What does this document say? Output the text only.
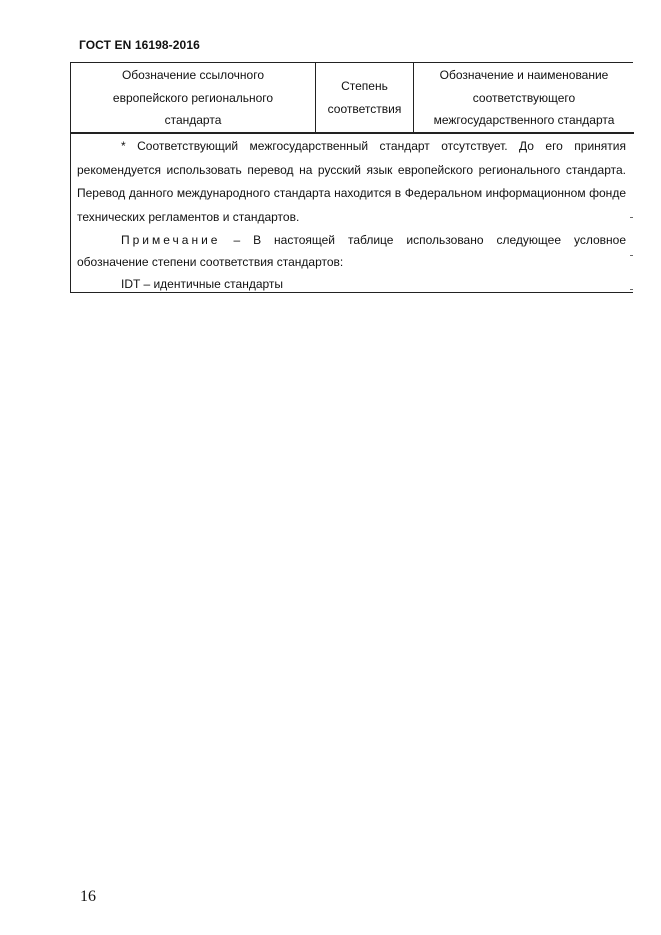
ГОСТ EN 16198-2016
Обозначение ссылочного
европейского регионального
стандарта
Степень
соответствия
Обозначение и наименование
соответствующего
межгосударственного стандарта

* Соответствующий межгосударственный стандарт отсутствует. До его принятия рекомендуется использовать перевод на русский язык европейского регионального стандарта. Перевод данного международного стандарта находится в Федеральном информационном фонде технических регламентов и стандартов.

Примечание – В настоящей таблице использовано следующее условное обозначение степени соответствия стандартов:

IDT – идентичные стандарты

16
